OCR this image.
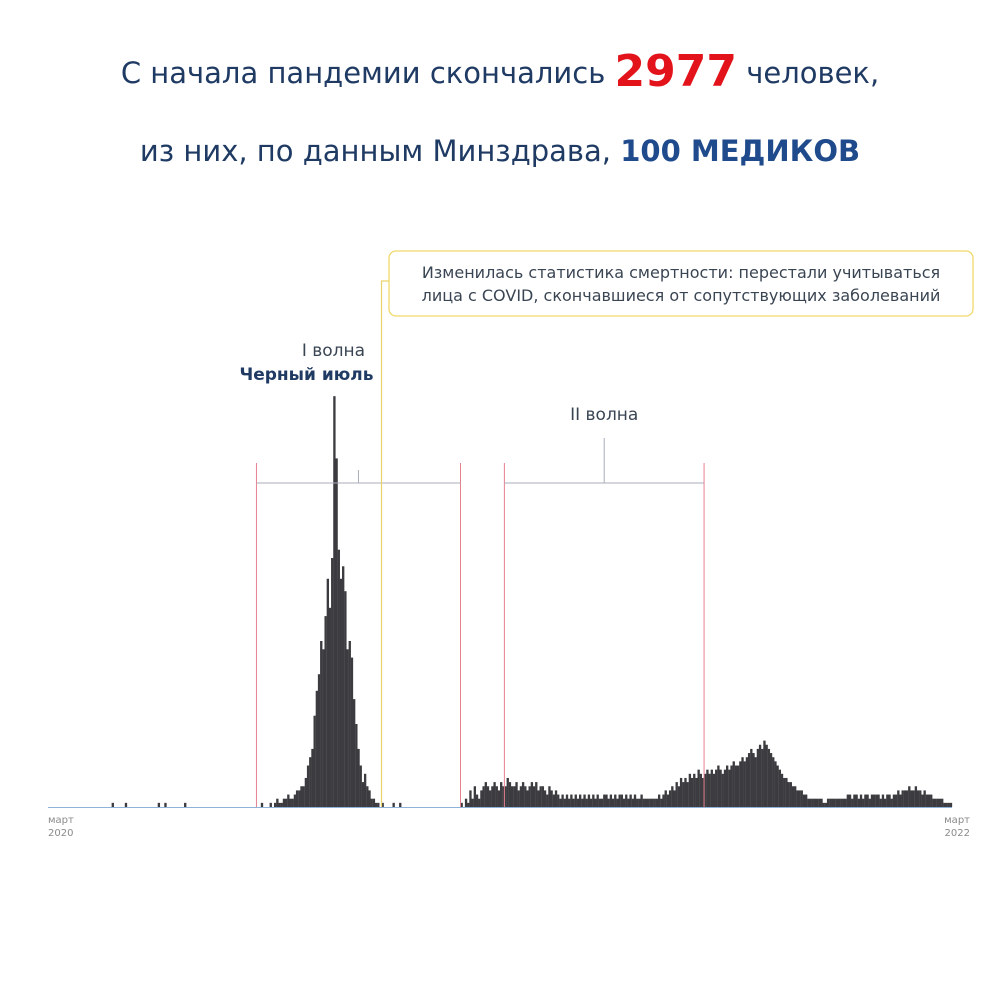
С начала пандемии скончались 2977 человек,
из них, по данным Минздрава, 100 МЕДИКОВ
I волна
Черный июль
II волна
Изменилась статистика смертности: перестали учитываться
лица с COVID, скончавшиеся от сопутствующих заболеваний
март
2020
март
2022
